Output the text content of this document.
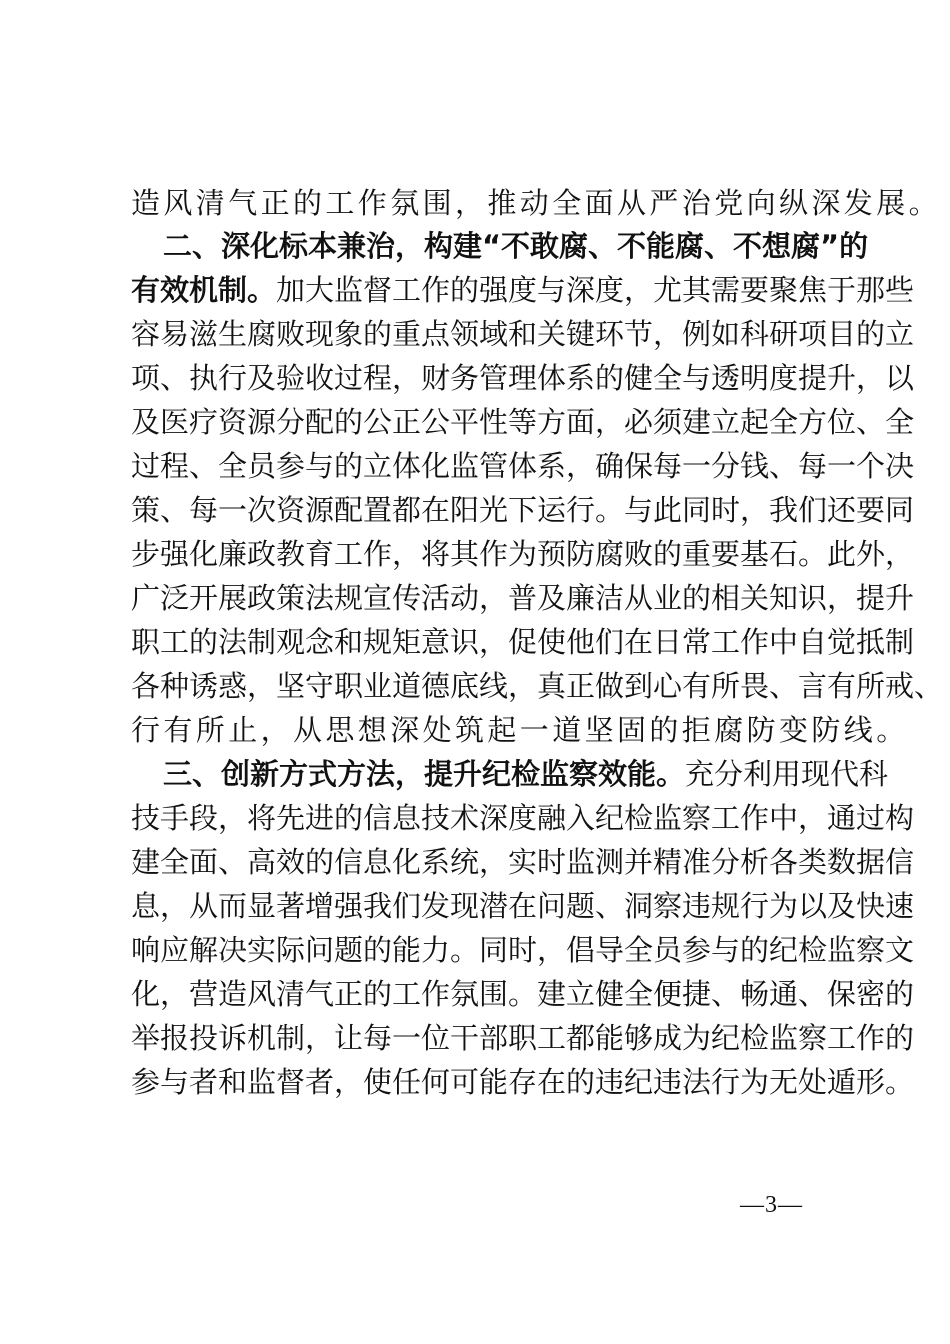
造风清气正的工作氛围，推动全面从严治党向纵深发展。
二、深化标本兼治，构建“不敢腐、不能腐、不想腐”的
有效机制。加大监督工作的强度与深度，尤其需要聚焦于那些
容易滋生腐败现象的重点领域和关键环节，例如科研项目的立
项、执行及验收过程，财务管理体系的健全与透明度提升，以
及医疗资源分配的公正公平性等方面，必须建立起全方位、全
过程、全员参与的立体化监管体系，确保每一分钱、每一个决
策、每一次资源配置都在阳光下运行。与此同时，我们还要同
步强化廉政教育工作，将其作为预防腐败的重要基石。此外，
广泛开展政策法规宣传活动，普及廉洁从业的相关知识，提升
职工的法制观念和规矩意识，促使他们在日常工作中自觉抵制
各种诱惑，坚守职业道德底线，真正做到心有所畏、言有所戒、
行有所止，从思想深处筑起一道坚固的拒腐防变防线。
三、创新方式方法，提升纪检监察效能。充分利用现代科
技手段，将先进的信息技术深度融入纪检监察工作中，通过构
建全面、高效的信息化系统，实时监测并精准分析各类数据信
息，从而显著增强我们发现潜在问题、洞察违规行为以及快速
响应解决实际问题的能力。同时，倡导全员参与的纪检监察文
化，营造风清气正的工作氛围。建立健全便捷、畅通、保密的
举报投诉机制，让每一位干部职工都能够成为纪检监察工作的
参与者和监督者，使任何可能存在的违纪违法行为无处遁形。
—3—
